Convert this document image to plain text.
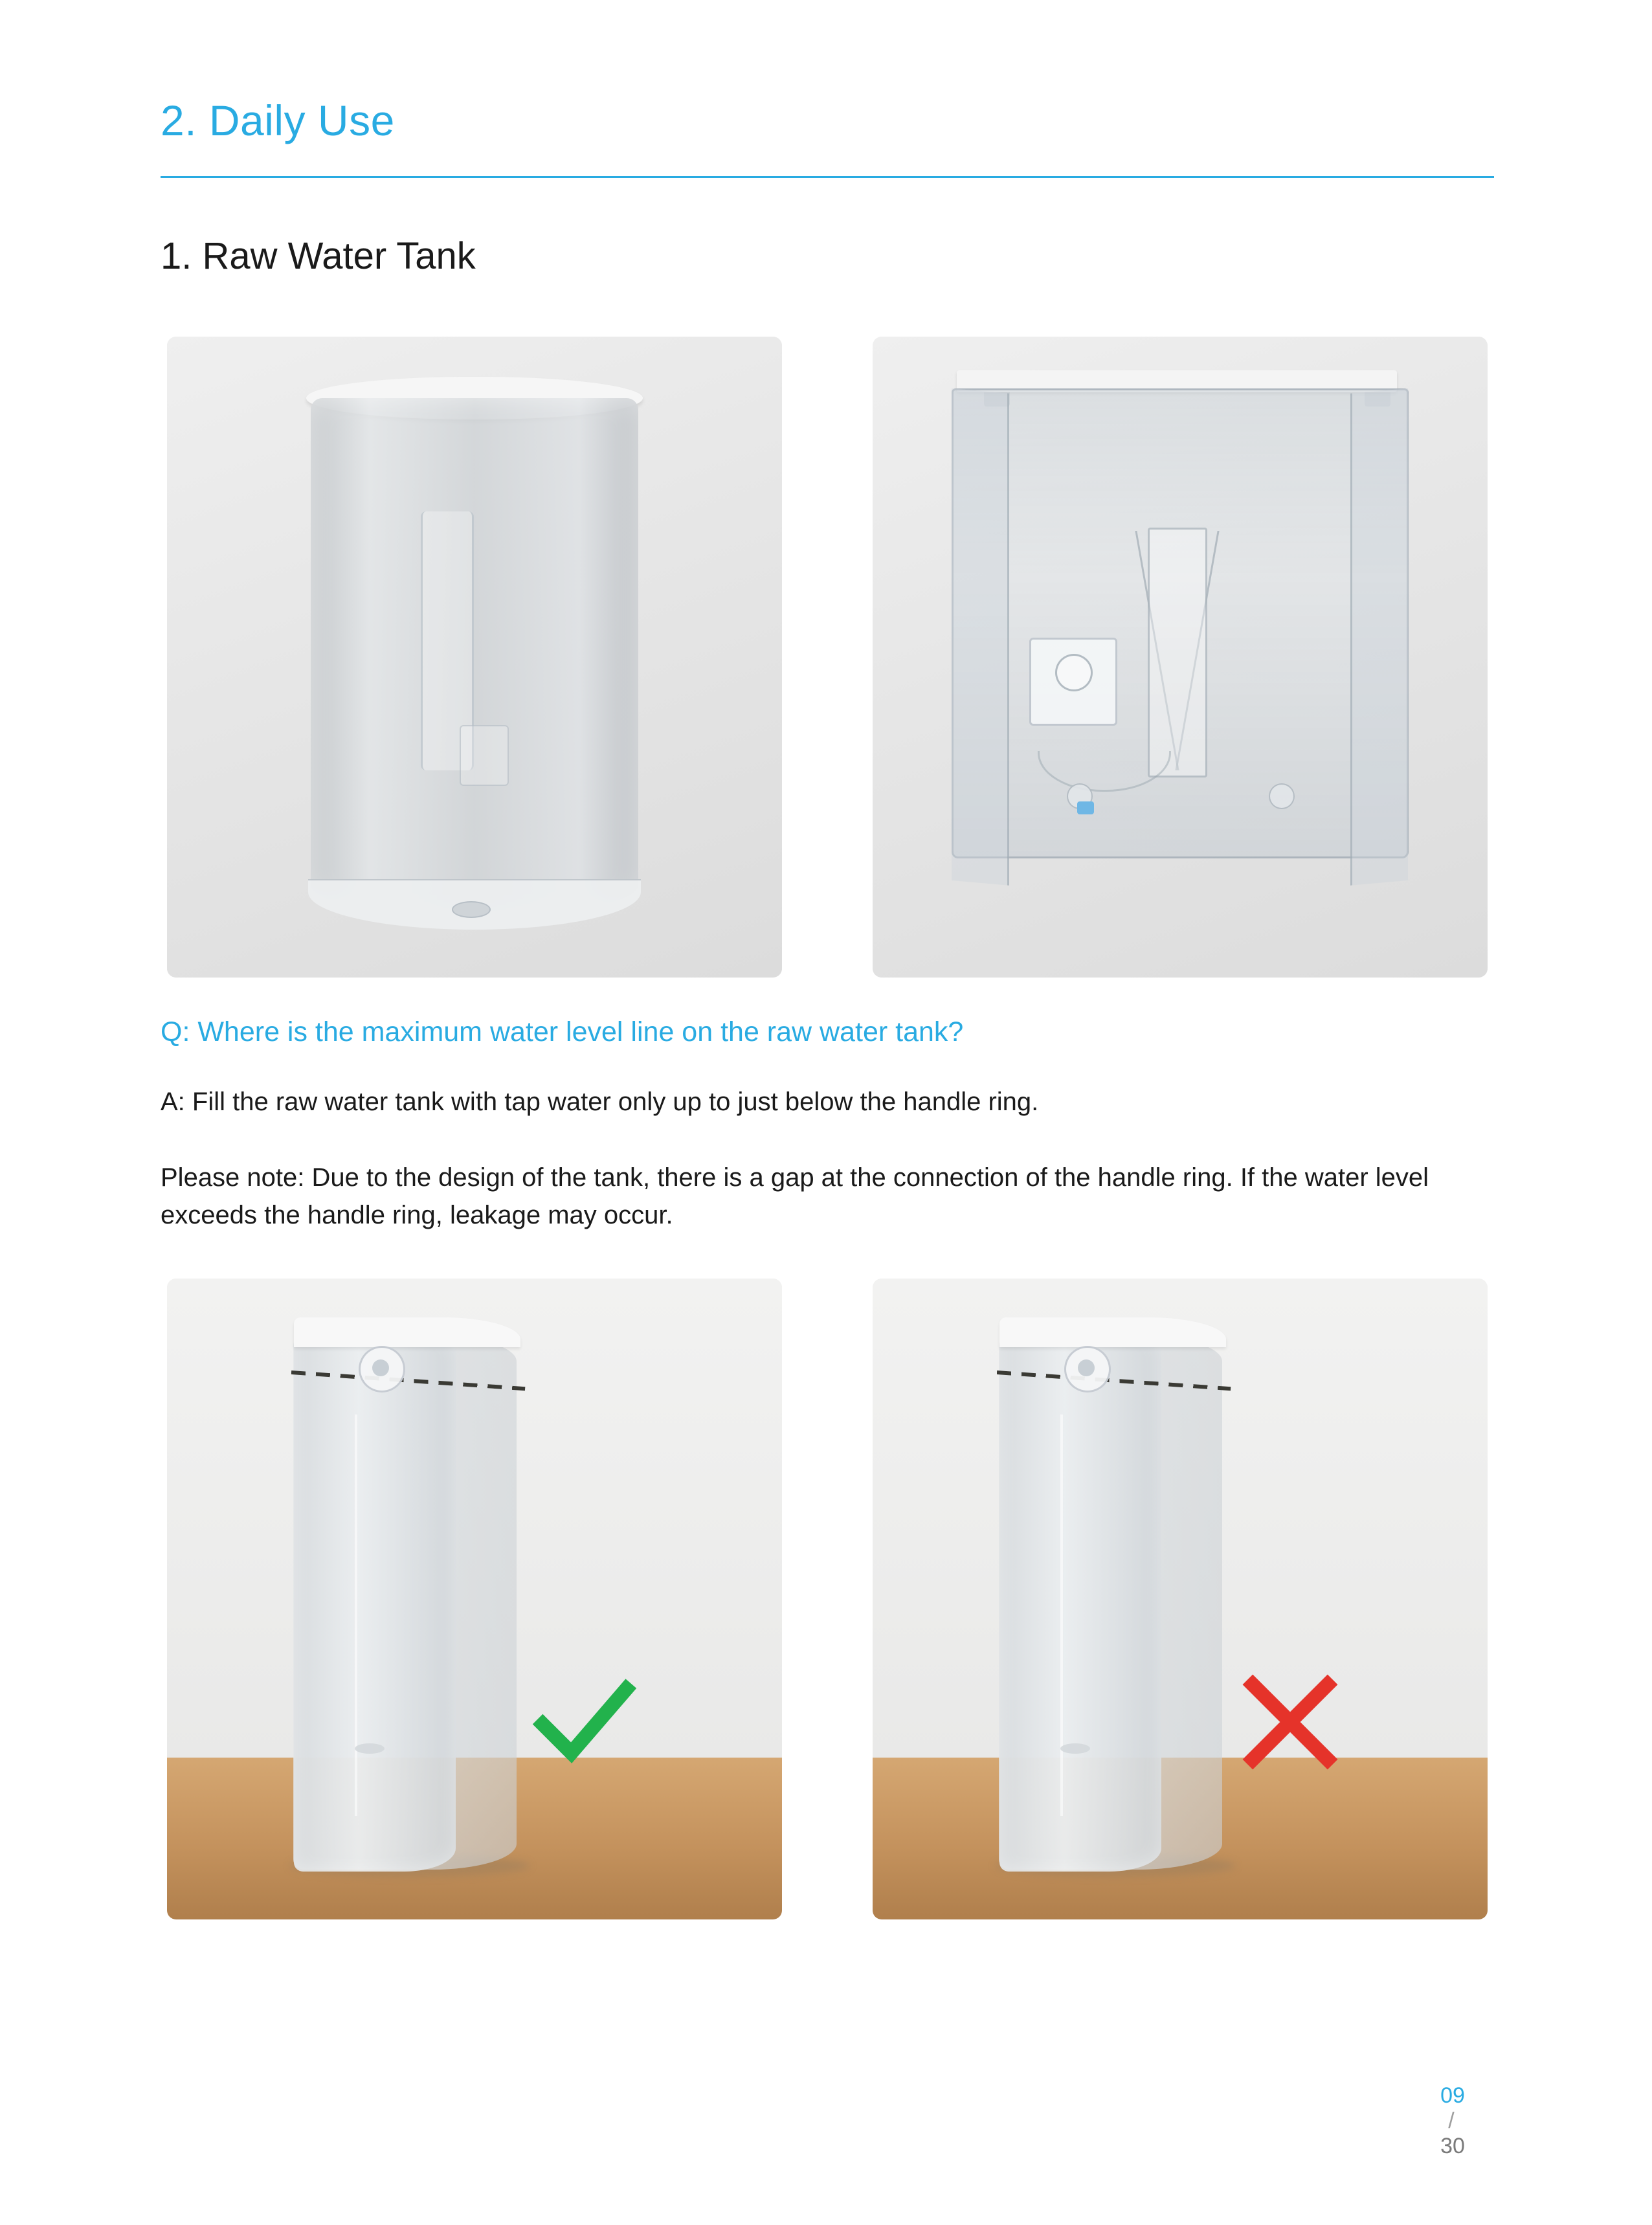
2. Daily Use
1. Raw Water Tank
Q: Where is the maximum water level line on the raw water tank?
A: Fill the raw water tank with tap water only up to just below the handle ring.
Please note: Due to the design of the tank, there is a gap at the connection of the handle ring. If the water level exceeds the handle ring, leakage may occur.
09
/
30
